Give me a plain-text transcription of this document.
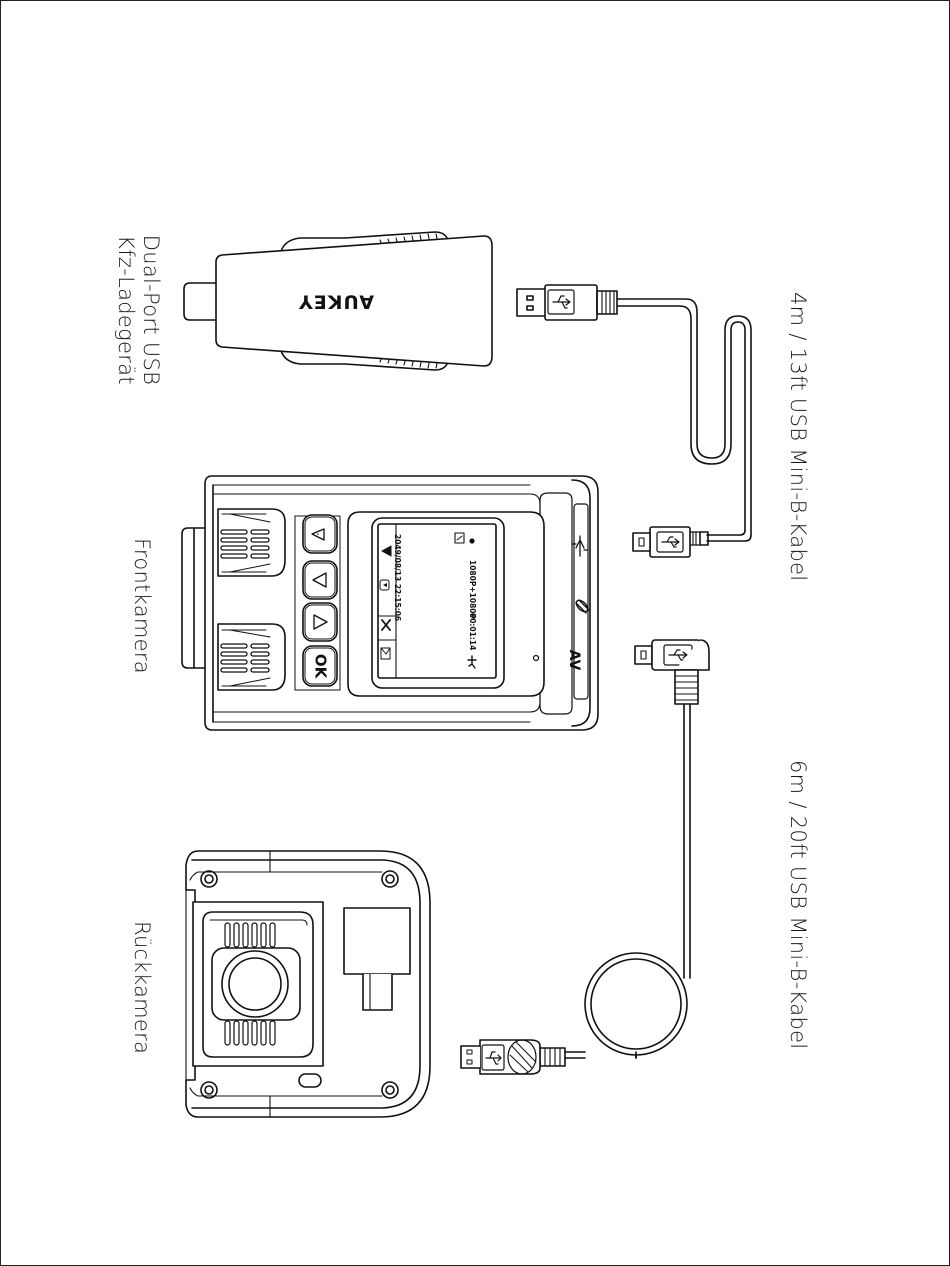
AUKEY
AV
OK
2049/08/13 22:15:06	1080P+1080P
00:01:14
Dual-Port USB
Kfz-Ladegerät
Frontkamera
Rückkamera
4m / 13ft USB Mini-B-Kabel
6m / 20ft USB Mini-B-Kabel
